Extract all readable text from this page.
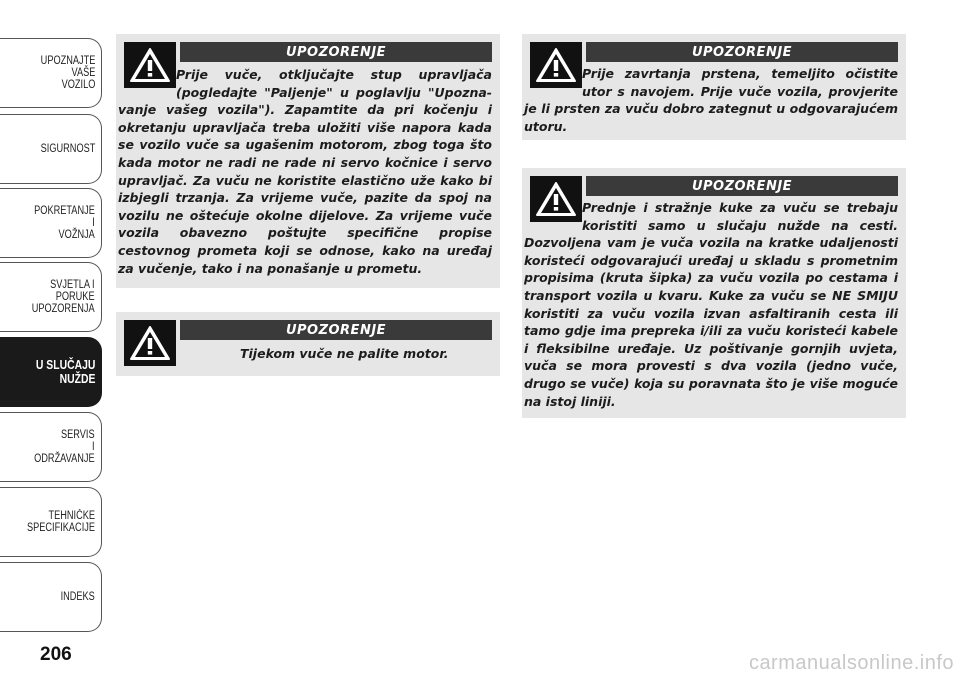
UPOZNAJTE
VAŠE
VOZILO
SIGURNOST
POKRETANJE
I
VOŽNJA
SVJETLA I
PORUKE
UPOZORENJA
U SLUČAJU
NUŽDE
SERVIS
I
ODRŽAVANJE
TEHNIČKE
SPECIFIKACIJE
INDEKS
206
UPOZORENJE

Prije vuče, otključajte stup upravljača (pogledajte "Paljenje" u poglavlju "Upozna-vanje vašeg vozila"). Zapamtite da pri kočenju i okretanju upravljača treba uložiti više napora kada se vozilo vuče sa ugašenim motorom, zbog toga što kada motor ne radi ne rade ni servo kočnice i servo upravljač. Za vuču ne koristite elastično uže kako bi izbjegli trzanja. Za vrijeme vuče, pazite da spoj na vozilu ne oštećuje okolne dijelove. Za vrijeme vuče vozila obavezno poštujte specifične propise cestovnog prometa koji se odnose, kako na uređaj za vučenje, tako i na ponašanje u prometu.

UPOZORENJE

Tijekom vuče ne palite motor.

UPOZORENJE

Prije zavrtanja prstena, temeljito očistite utor s navojem. Prije vuče vozila, provjerite je li prsten za vuču dobro zategnut u odgovarajućem utoru.

UPOZORENJE

Prednje i stražnje kuke za vuču se trebaju koristiti samo u slučaju nužde na cesti. Dozvoljena vam je vuča vozila na kratke udaljenosti koristeći odgovarajući uređaj u skladu s prometnim propisima (kruta šipka) za vuču vozila po cestama i transport vozila u kvaru. Kuke za vuču se NE SMIJU koristiti za vuču vozila izvan asfaltiranih cesta ili tamo gdje ima prepreka i/ili za vuču koristeći kabele i fleksibilne uređaje. Uz poštivanje gornjih uvjeta, vuča se mora provesti s dva vozila (jedno vuče, drugo se vuče) koja su poravnata što je više moguće na istoj liniji.

carmanualsonline.info
